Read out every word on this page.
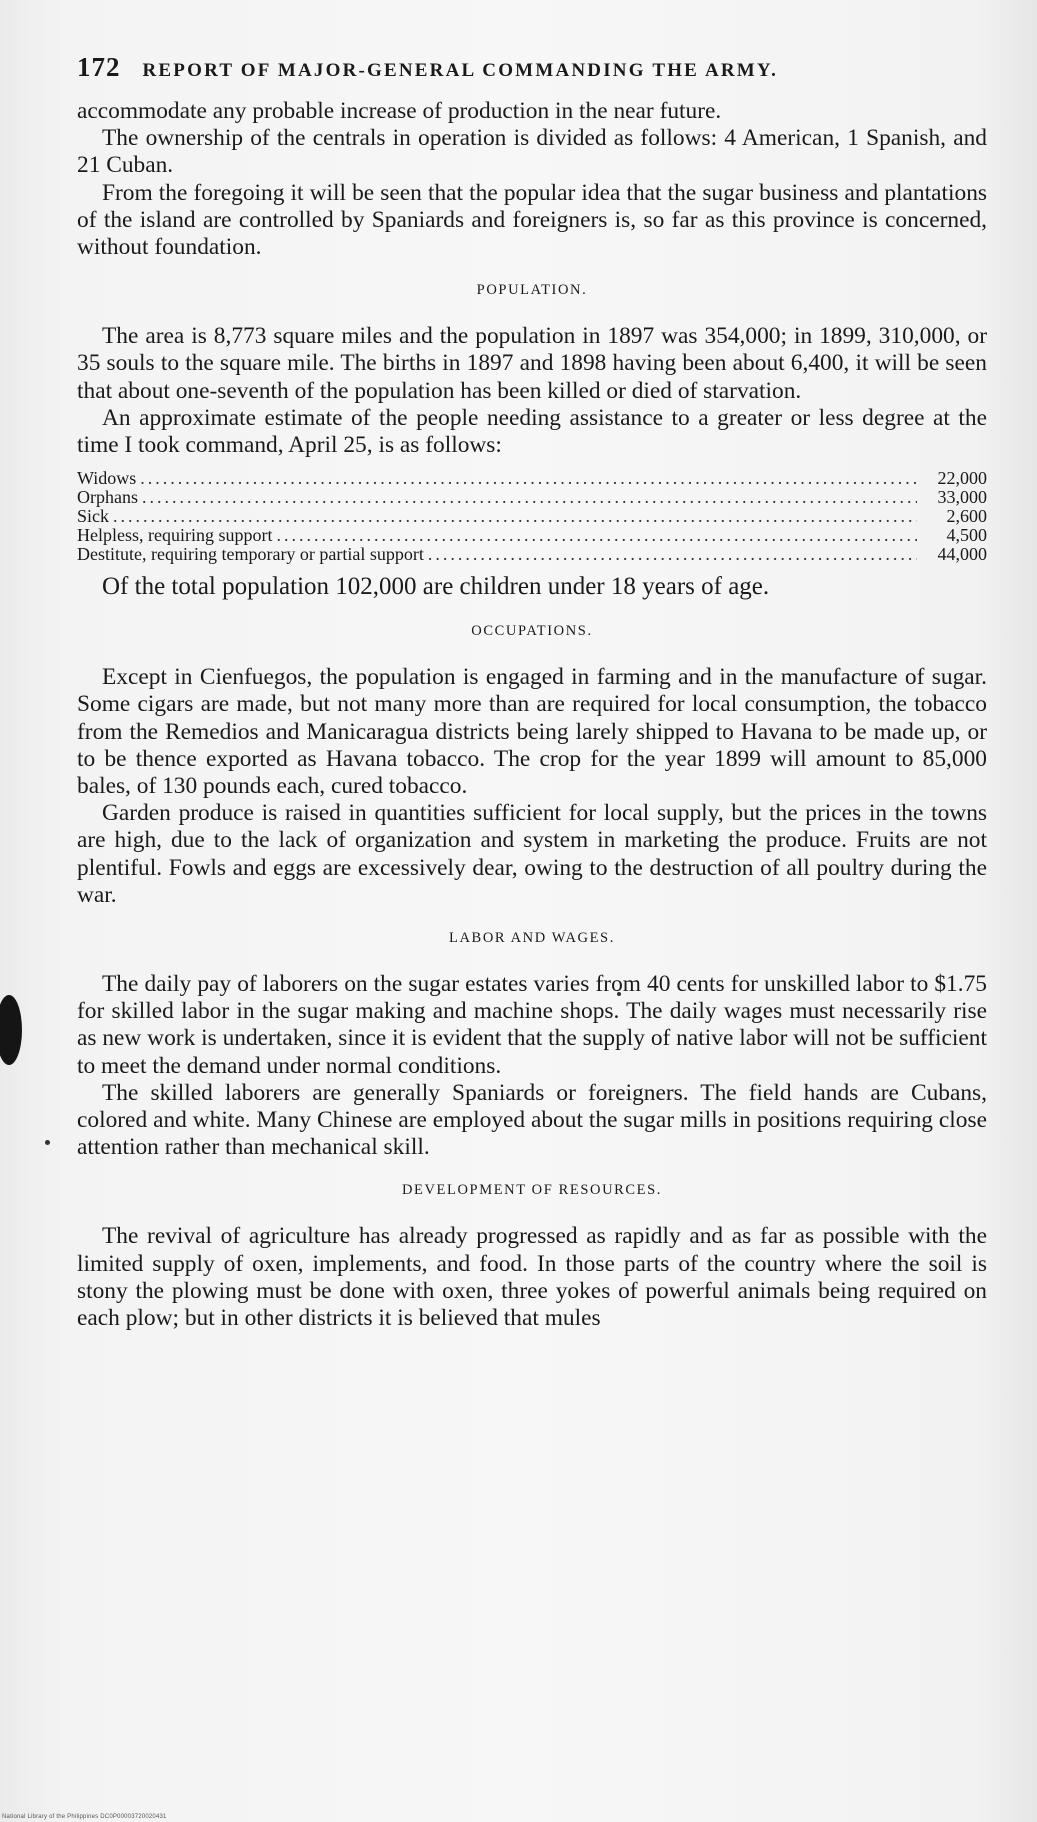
172 REPORT OF MAJOR-GENERAL COMMANDING THE ARMY.

accommodate any probable increase of production in the near future.

The ownership of the centrals in operation is divided as follows: 4 American, 1 Spanish, and 21 Cuban.

From the foregoing it will be seen that the popular idea that the sugar business and plantations of the island are controlled by Spaniards and foreigners is, so far as this province is concerned, without foundation.

POPULATION.

The area is 8,773 square miles and the population in 1897 was 354,000; in 1899, 310,000, or 35 souls to the square mile. The births in 1897 and 1898 having been about 6,400, it will be seen that about one-seventh of the population has been killed or died of starvation.

An approximate estimate of the people needing assistance to a greater or less degree at the time I took command, April 25, is as follows:

Widows .....	22,000
Orphans .....	33,000
Sick .....	2,600
Helpless, requiring support .....	4,500
Destitute, requiring temporary or partial support .....	44,000

Of the total population 102,000 are children under 18 years of age.

OCCUPATIONS.

Except in Cienfuegos, the population is engaged in farming and in the manufacture of sugar. Some cigars are made, but not many more than are required for local consumption, the tobacco from the Remedios and Manicaragua districts being larely shipped to Havana to be made up, or to be thence exported as Havana tobacco. The crop for the year 1899 will amount to 85,000 bales, of 130 pounds each, cured tobacco.

Garden produce is raised in quantities sufficient for local supply, but the prices in the towns are high, due to the lack of organization and system in marketing the produce. Fruits are not plentiful. Fowls and eggs are excessively dear, owing to the destruction of all poultry during the war.

LABOR AND WAGES.

The daily pay of laborers on the sugar estates varies from 40 cents for unskilled labor to $1.75 for skilled labor in the sugar making and machine shops. The daily wages must necessarily rise as new work is undertaken, since it is evident that the supply of native labor will not be sufficient to meet the demand under normal conditions.

The skilled laborers are generally Spaniards or foreigners. The field hands are Cubans, colored and white. Many Chinese are employed about the sugar mills in positions requiring close attention rather than mechanical skill.

DEVELOPMENT OF RESOURCES.

The revival of agriculture has already progressed as rapidly and as far as possible with the limited supply of oxen, implements, and food. In those parts of the country where the soil is stony the plowing must be done with oxen, three yokes of powerful animals being required on each plow; but in other districts it is believed that mules

National Library of the Philippines DC0P00003720020431
